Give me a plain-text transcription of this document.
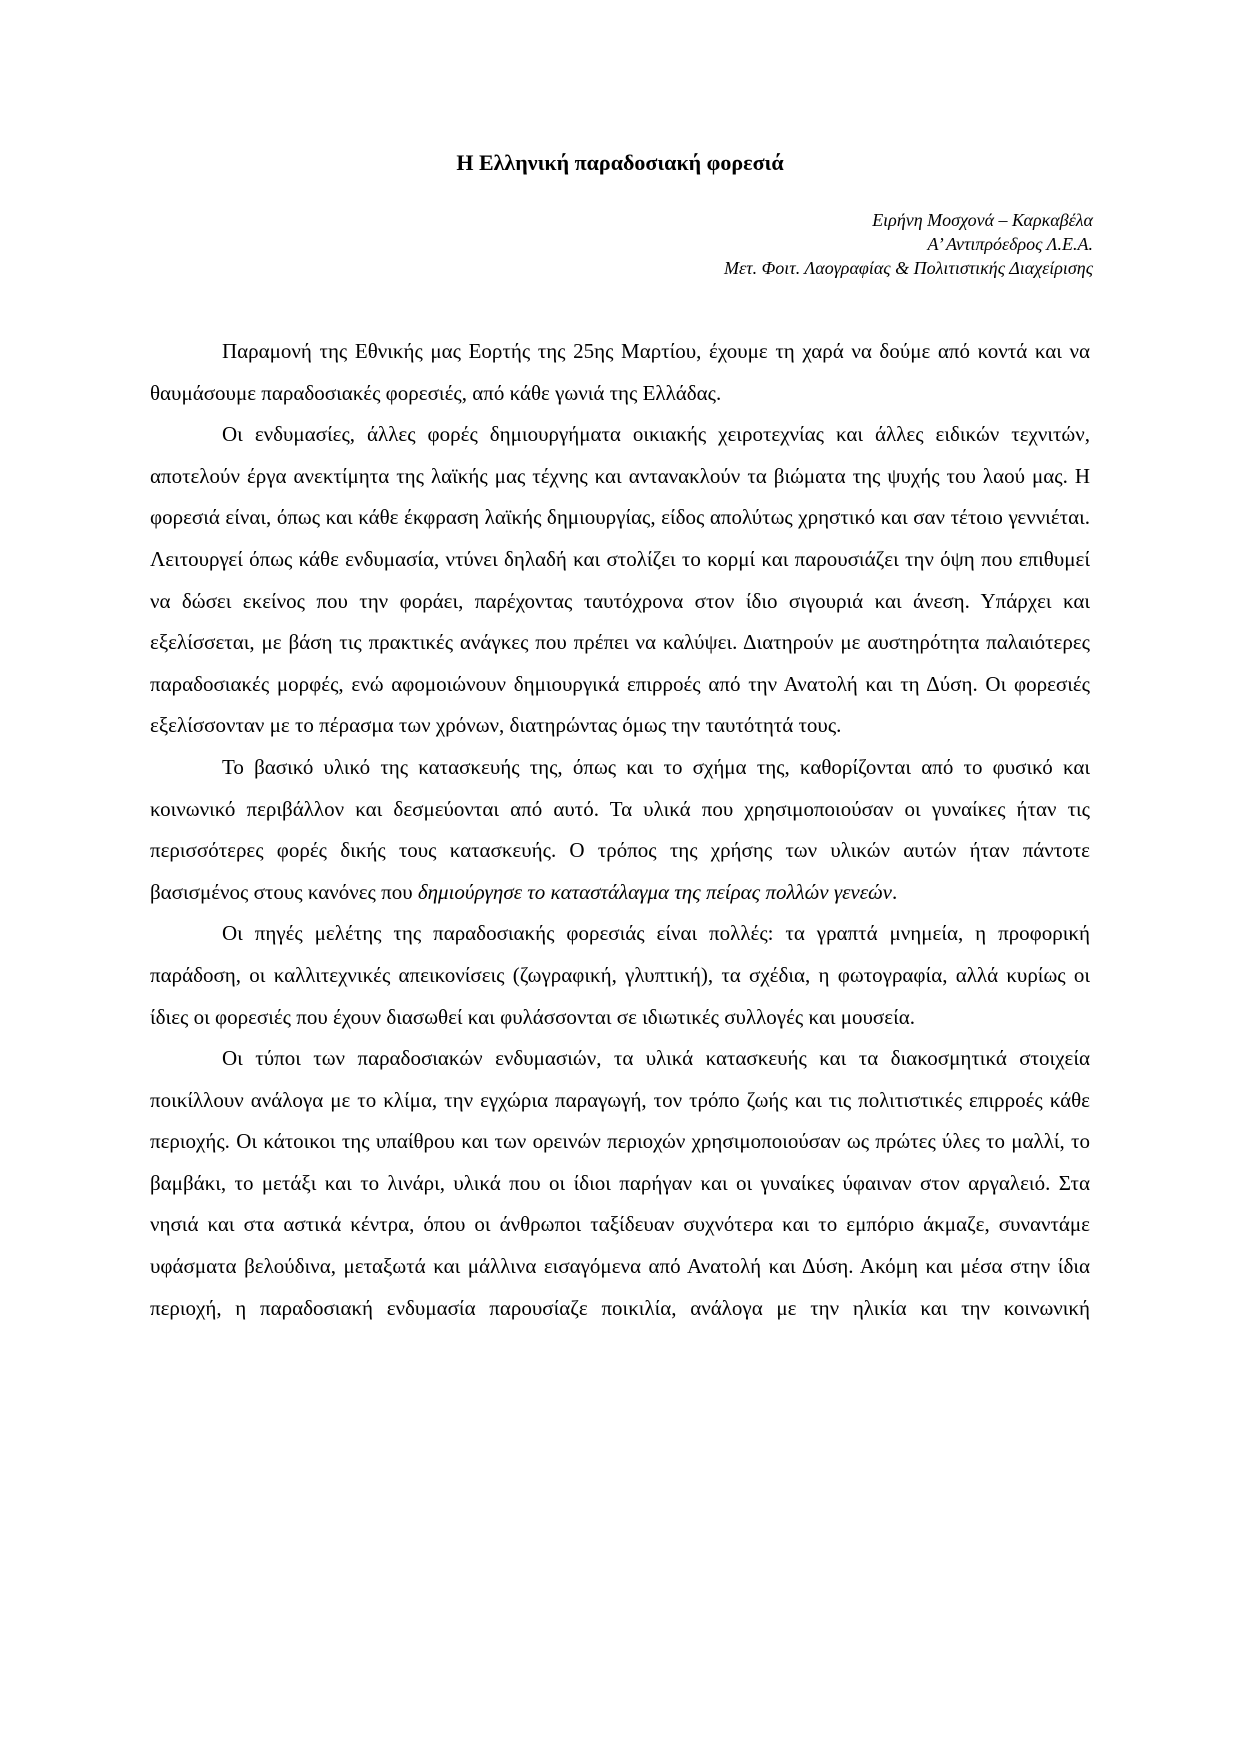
Η Ελληνική παραδοσιακή φορεσιά
Ειρήνη Μοσχονά – Καρκαβέλα
Α’ Αντιπρόεδρος Λ.Ε.Α.
Μετ. Φοιτ. Λαογραφίας & Πολιτιστικής Διαχείρισης

Παραμονή της Εθνικής μας Εορτής της 25ης Μαρτίου, έχουμε τη χαρά να δούμε από κοντά και να θαυμάσουμε παραδοσιακές φορεσιές, από κάθε γωνιά της Ελλάδας.

Οι ενδυμασίες, άλλες φορές δημιουργήματα οικιακής χειροτεχνίας και άλλες ειδικών τεχνιτών, αποτελούν έργα ανεκτίμητα της λαϊκής μας τέχνης και αντανακλούν τα βιώματα της ψυχής του λαού μας. Η φορεσιά είναι, όπως και κάθε έκφραση λαϊκής δημιουργίας, είδος απολύτως χρηστικό και σαν τέτοιο γεννιέται. Λειτουργεί όπως κάθε ενδυμασία, ντύνει δηλαδή και στολίζει το κορμί και παρουσιάζει την όψη που επιθυμεί να δώσει εκείνος που την φοράει, παρέχοντας ταυτόχρονα στον ίδιο σιγουριά και άνεση. Υπάρχει και εξελίσσεται, με βάση τις πρακτικές ανάγκες που πρέπει να καλύψει. Διατηρούν με αυστηρότητα παλαιότερες παραδοσιακές μορφές, ενώ αφομοιώνουν δημιουργικά επιρροές από την Ανατολή και τη Δύση. Οι φορεσιές εξελίσσονταν με το πέρασμα των χρόνων, διατηρώντας όμως την ταυτότητά τους.

Το βασικό υλικό της κατασκευής της, όπως και το σχήμα της, καθορίζονται από το φυσικό και κοινωνικό περιβάλλον και δεσμεύονται από αυτό. Τα υλικά που χρησιμοποιούσαν οι γυναίκες ήταν τις περισσότερες φορές δικής τους κατασκευής. Ο τρόπος της χρήσης των υλικών αυτών ήταν πάντοτε βασισμένος στους κανόνες που δημιούργησε το καταστάλαγμα της πείρας πολλών γενεών.

Οι πηγές μελέτης της παραδοσιακής φορεσιάς είναι πολλές: τα γραπτά μνημεία, η προφορική παράδοση, οι καλλιτεχνικές απεικονίσεις (ζωγραφική, γλυπτική), τα σχέδια, η φωτογραφία, αλλά κυρίως οι ίδιες οι φορεσιές που έχουν διασωθεί και φυλάσσονται σε ιδιωτικές συλλογές και μουσεία.

Οι τύποι των παραδοσιακών ενδυμασιών, τα υλικά κατασκευής και τα διακοσμητικά στοιχεία ποικίλλουν ανάλογα με το κλίμα, την εγχώρια παραγωγή, τον τρόπο ζωής και τις πολιτιστικές επιρροές κάθε περιοχής. Οι κάτοικοι της υπαίθρου και των ορεινών περιοχών χρησιμοποιούσαν ως πρώτες ύλες το μαλλί, το βαμβάκι, το μετάξι και το λινάρι, υλικά που οι ίδιοι παρήγαν και οι γυναίκες ύφαιναν στον αργαλειό. Στα νησιά και στα αστικά κέντρα, όπου οι άνθρωποι ταξίδευαν συχνότερα και το εμπόριο άκμαζε, συναντάμε υφάσματα βελούδινα, μεταξωτά και μάλλινα εισαγόμενα από Ανατολή και Δύση. Ακόμη και μέσα στην ίδια περιοχή, η παραδοσιακή ενδυμασία παρουσίαζε ποικιλία, ανάλογα με την ηλικία και την κοινωνική
